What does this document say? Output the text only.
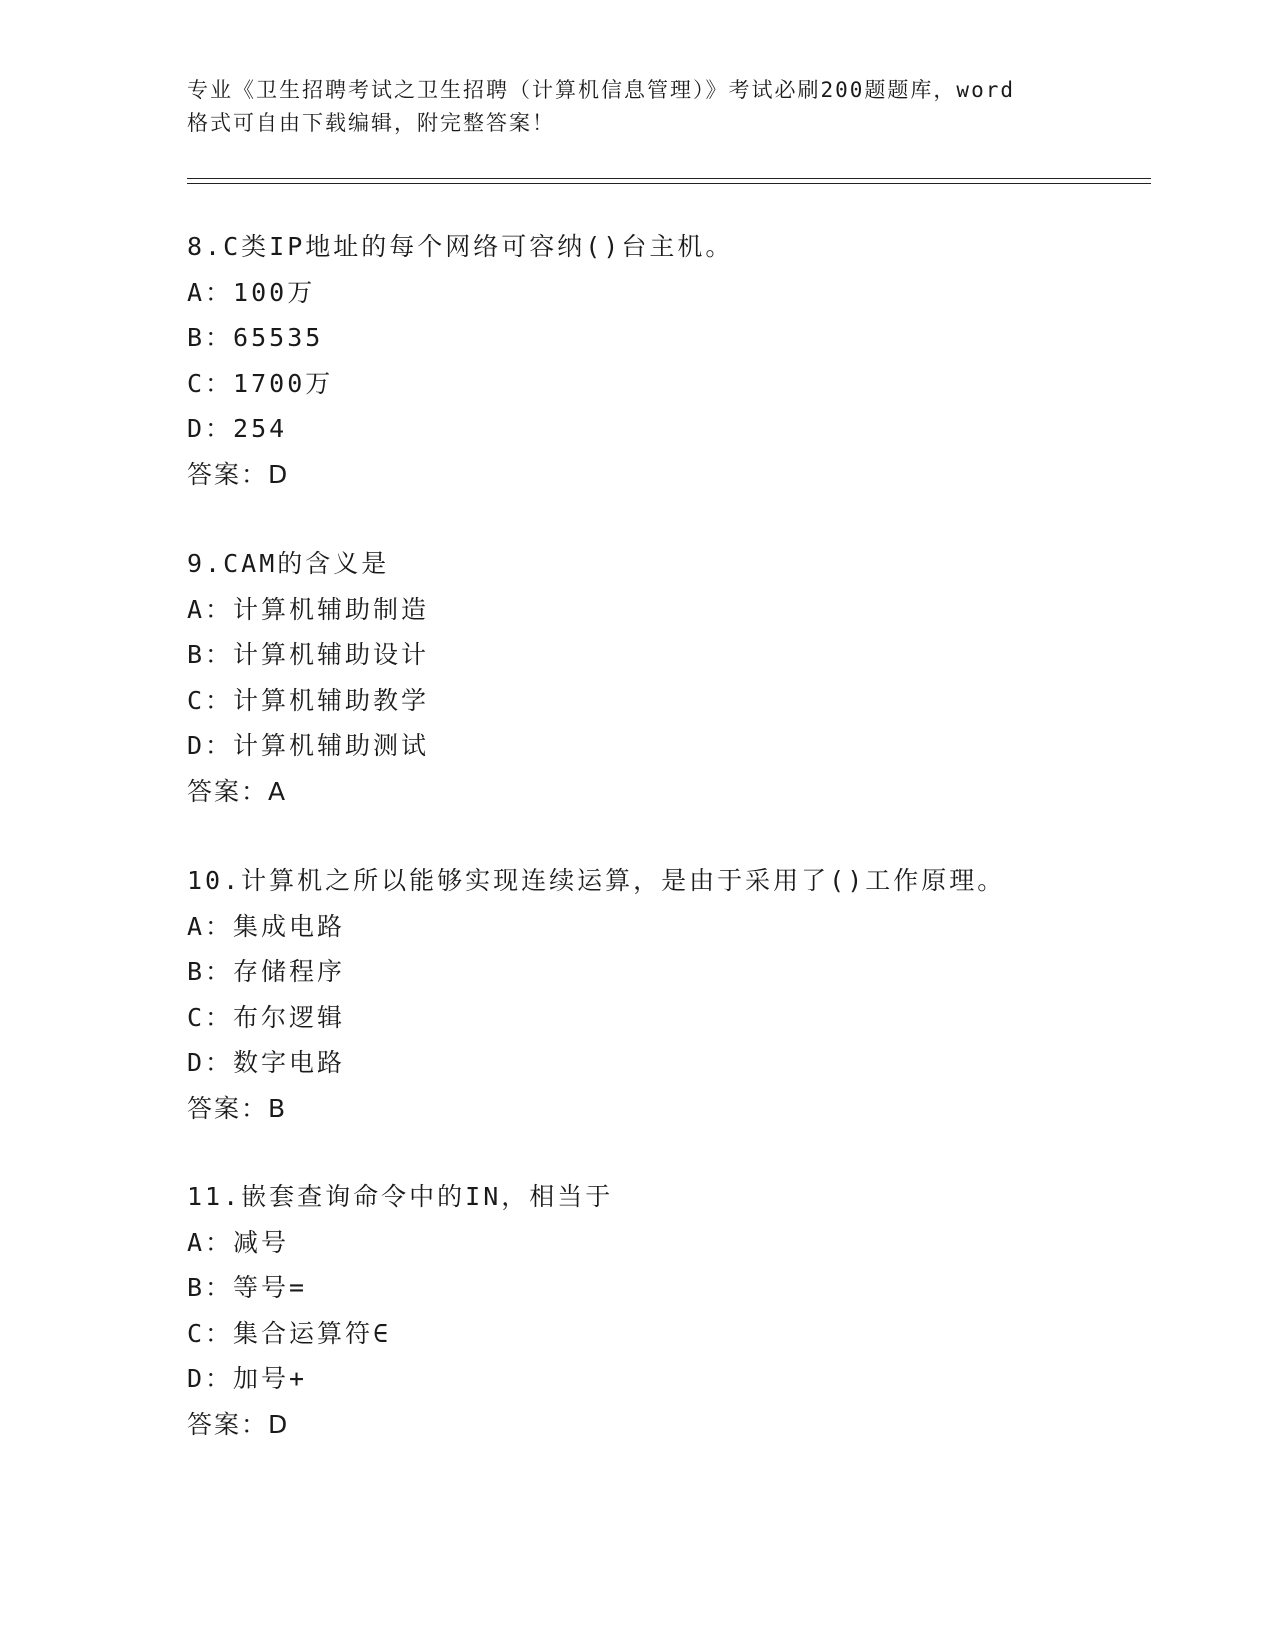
专业《卫生招聘考试之卫生招聘（计算机信息管理）》考试必刷200题题库，word
格式可自由下载编辑，附完整答案！
8.C类IP地址的每个网络可容纳()台主机。
A：100万
B：65535
C：1700万
D：254
答案：D
9.CAM的含义是
A：计算机辅助制造
B：计算机辅助设计
C：计算机辅助教学
D：计算机辅助测试
答案：A
10.计算机之所以能够实现连续运算，是由于采用了()工作原理。
A：集成电路
B：存储程序
C：布尔逻辑
D：数字电路
答案：B
11.嵌套查询命令中的IN，相当于
A：减号
B：等号=
C：集合运算符∈
D：加号+
答案：D
